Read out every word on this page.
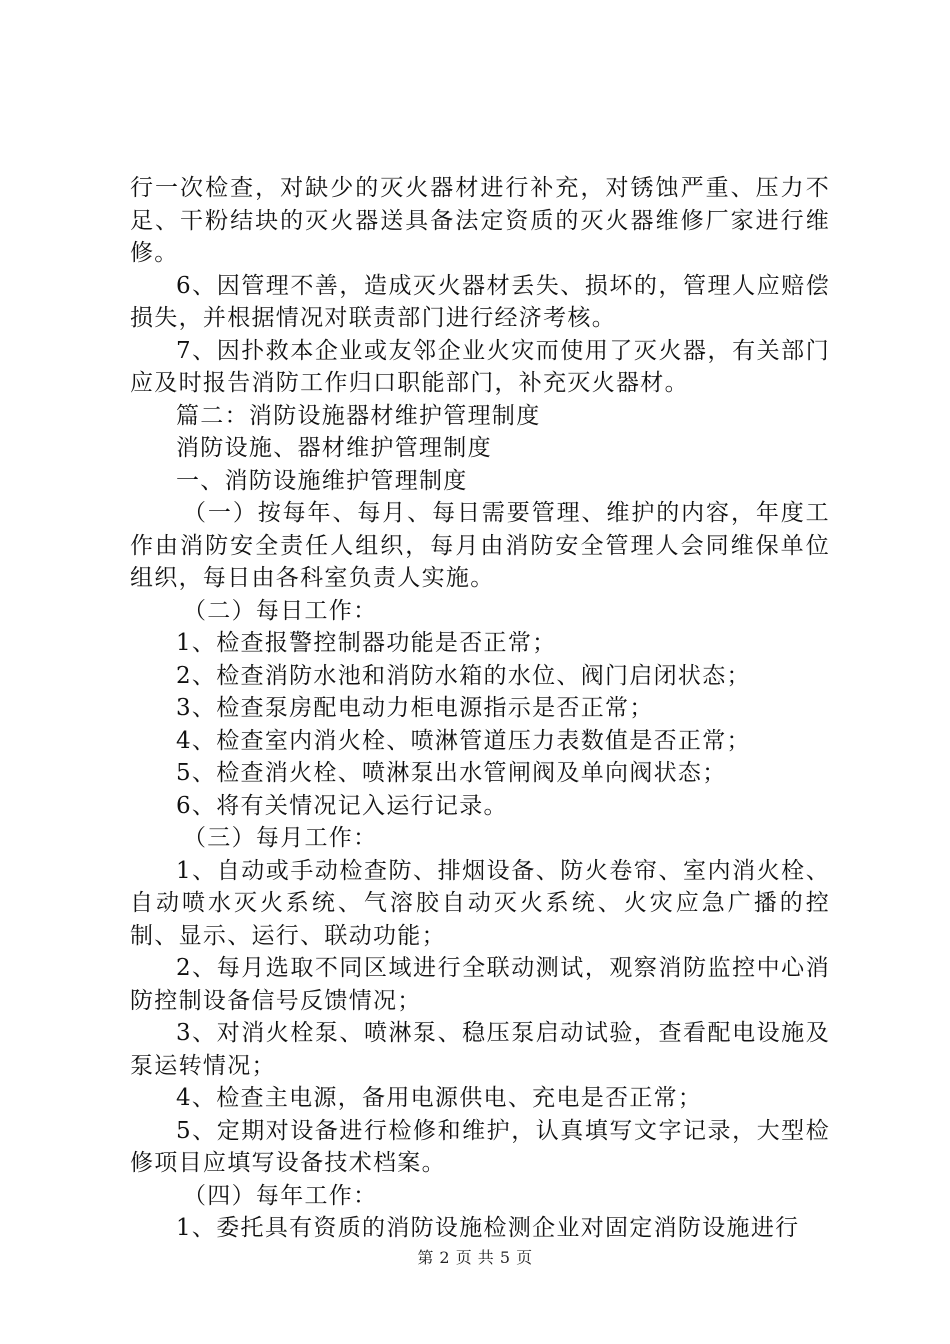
行一次检查，对缺少的灭火器材进行补充，对锈蚀严重、压力不足、干粉结块的灭火器送具备法定资质的灭火器维修厂家进行维修。

6、因管理不善，造成灭火器材丢失、损坏的，管理人应赔偿损失，并根据情况对联责部门进行经济考核。

7、因扑救本企业或友邻企业火灾而使用了灭火器，有关部门应及时报告消防工作归口职能部门，补充灭火器材。

篇二：消防设施器材维护管理制度

消防设施、器材维护管理制度

一、消防设施维护管理制度

（一）按每年、每月、每日需要管理、维护的内容，年度工作由消防安全责任人组织，每月由消防安全管理人会同维保单位组织，每日由各科室负责人实施。

（二）每日工作：

1、检查报警控制器功能是否正常；

2、检查消防水池和消防水箱的水位、阀门启闭状态；

3、检查泵房配电动力柜电源指示是否正常；

4、检查室内消火栓、喷淋管道压力表数值是否正常；

5、检查消火栓、喷淋泵出水管闸阀及单向阀状态；

6、将有关情况记入运行记录。

（三）每月工作：

1、自动或手动检查防、排烟设备、防火卷帘、室内消火栓、自动喷水灭火系统、气溶胶自动灭火系统、火灾应急广播的控制、显示、运行、联动功能；

2、每月选取不同区域进行全联动测试，观察消防监控中心消防控制设备信号反馈情况；

3、对消火栓泵、喷淋泵、稳压泵启动试验，查看配电设施及泵运转情况；

4、检查主电源，备用电源供电、充电是否正常；

5、定期对设备进行检修和维护，认真填写文字记录，大型检修项目应填写设备技术档案。

（四）每年工作：

1、委托具有资质的消防设施检测企业对固定消防设施进行

第 2 页 共 5 页
